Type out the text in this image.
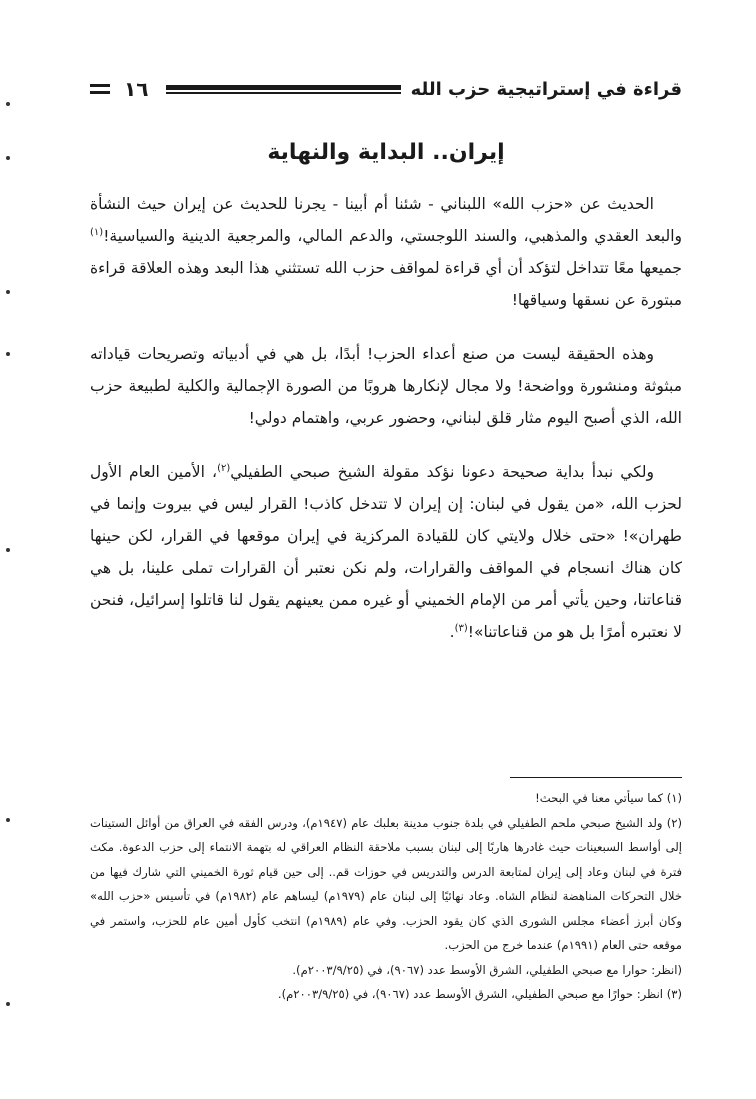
قراءة في إستراتيجية حزب الله
١٦
إيران.. البداية والنهاية

الحديث عن «حزب الله» اللبناني - شئنا أم أبينا - يجرنا للحديث عن إيران حيث النشأة والبعد العقدي والمذهبي، والسند اللوجستي، والدعم المالي، والمرجعية الدينية والسياسية!$^{(١)}$ جميعها معًا تتداخل لتؤكد أن أي قراءة لمواقف حزب الله تستثني هذا البعد وهذه العلاقة قراءة مبتورة عن نسقها وسياقها!

وهذه الحقيقة ليست من صنع أعداء الحزب! أبدًا، بل هي في أدبياته وتصريحات قياداته مبثوثة ومنشورة وواضحة! ولا مجال لإنكارها هروبًا من الصورة الإجمالية والكلية لطبيعة حزب الله، الذي أصبح اليوم مثار قلق لبناني، وحضور عربي، واهتمام دولي!

ولكي نبدأ بداية صحيحة دعونا نؤكد مقولة الشيخ صبحي الطفيلي$^{(٢)}$، الأمين العام الأول لحزب الله، «من يقول في لبنان: إن إيران لا تتدخل كاذب! القرار ليس في بيروت وإنما في طهران»! «حتى خلال ولايتي كان للقيادة المركزية في إيران موقعها في القرار، لكن حينها كان هناك انسجام في المواقف والقرارات، ولم نكن نعتبر أن القرارات تملى علينا، بل هي قناعاتنا، وحين يأتي أمر من الإمام الخميني أو غيره ممن يعينهم يقول لنا قاتلوا إسرائيل، فنحن لا نعتبره أمرًا بل هو من قناعاتنا»!$^{(٣)}$.

(١) كما سيأتي معنا في البحث!

(٢) ولد الشيخ صبحي ملحم الطفيلي في بلدة جنوب مدينة بعلبك عام (١٩٤٧م)، ودرس الفقه في العراق من أوائل الستينات إلى أواسط السبعينات حيث غادرها هاربًا إلى لبنان بسبب ملاحقة النظام العراقي له بتهمة الانتماء إلى حزب الدعوة. مكث فترة في لبنان وعاد إلى إيران لمتابعة الدرس والتدريس في حوزات قم.. إلى حين قيام ثورة الخميني التي شارك فيها من خلال التحركات المناهضة لنظام الشاه. وعاد نهائيًا إلى لبنان عام (١٩٧٩م) ليساهم عام (١٩٨٢م) في تأسيس «حزب الله» وكان أبرز أعضاء مجلس الشورى الذي كان يقود الحزب. وفي عام (١٩٨٩م) انتخب كأول أمين عام للحزب، واستمر في موقعه حتى العام (١٩٩١م) عندما خرج من الحزب.

(انظر: حوارا مع صبحي الطفيلي، الشرق الأوسط عدد (٩٠٦٧)، في (٢٠٠٣/٩/٢٥م).

(٣) انظر: حوارًا مع صبحي الطفيلي، الشرق الأوسط عدد (٩٠٦٧)، في (٢٠٠٣/٩/٢٥م).
